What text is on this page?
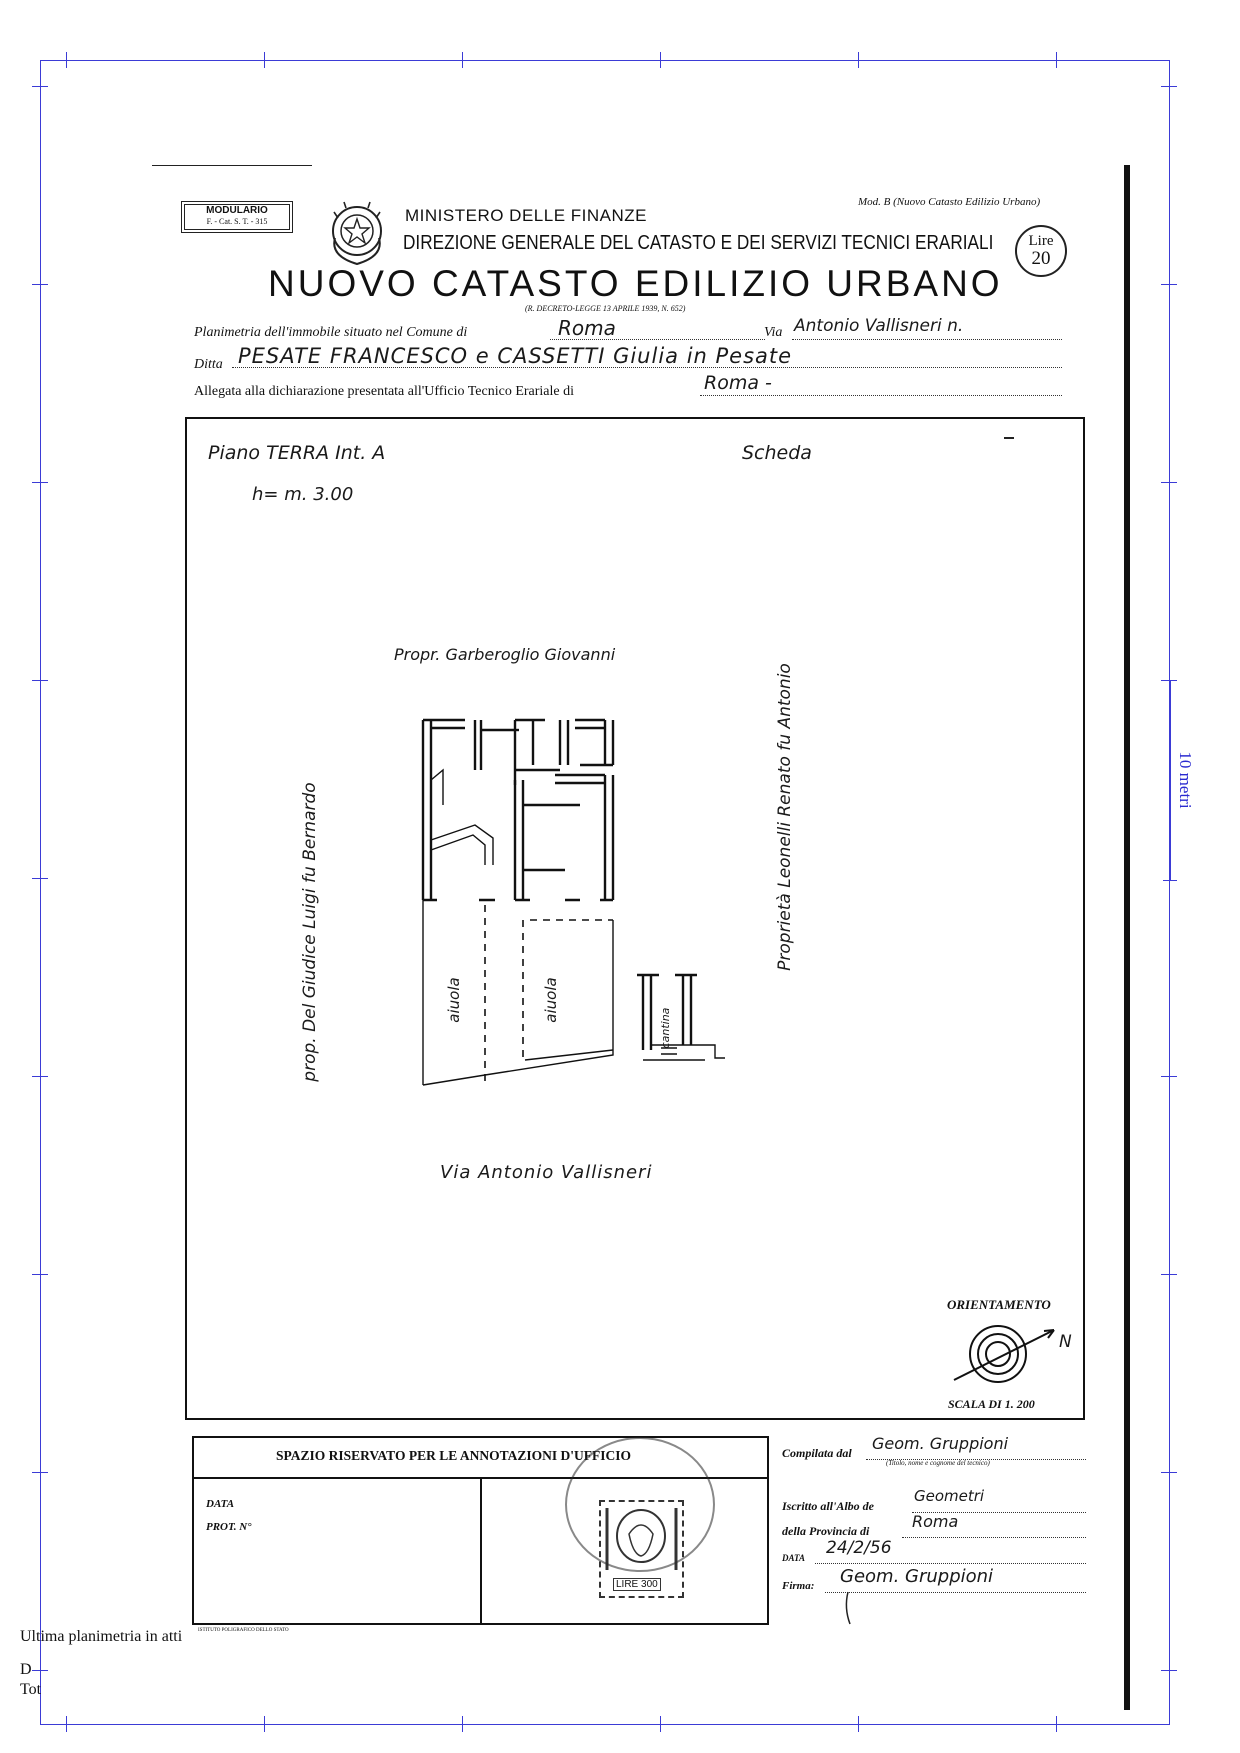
10 metri
MODULARIO
F. - Cat. S. T. - 315	MINISTERO DELLE FINANZE
DIREZIONE GENERALE DEL CATASTO E DEI SERVIZI TECNICI ERARIALI
Mod. B (Nuovo Catasto Edilizio Urbano)
Lire
20
NUOVO CATASTO EDILIZIO URBANO
(R. DECRETO-LEGGE 13 APRILE 1939, N. 652)
Planimetria dell'immobile situato nel Comune di	Roma	Via Antonio Vallisneri n.
Ditta PESATE FRANCESCO e CASSETTI Giulia in Pesate
Allegata alla dichiarazione presentata all'Ufficio Tecnico Erariale di	Roma -
Piano TERRA Int. A
h= m. 3.00
Scheda
Propr. Garberoglio Giovanni
prop. Del Giudice Luigi fu Bernardo	Proprietà Leonelli Renato fu Antonio
Via Antonio Vallisneri
aiuola	aiuola
cantina
ORIENTAMENTO
N
SCALA DI 1. 200
SPAZIO RISERVATO PER LE ANNOTAZIONI D'UFFICIO
DATA
PROT. N°
LIRE 300
Compilata dal Geom. Gruppioni
(Titolo, nome e cognome del tecnico)
Iscritto all'Albo de
Geometri
della Provincia di	Roma
DATA 24/2/56
Firma: Geom. Gruppioni
ISTITUTO POLIGRAFICO DELLO STATO
Ultima planimetria in atti
D
Tot
